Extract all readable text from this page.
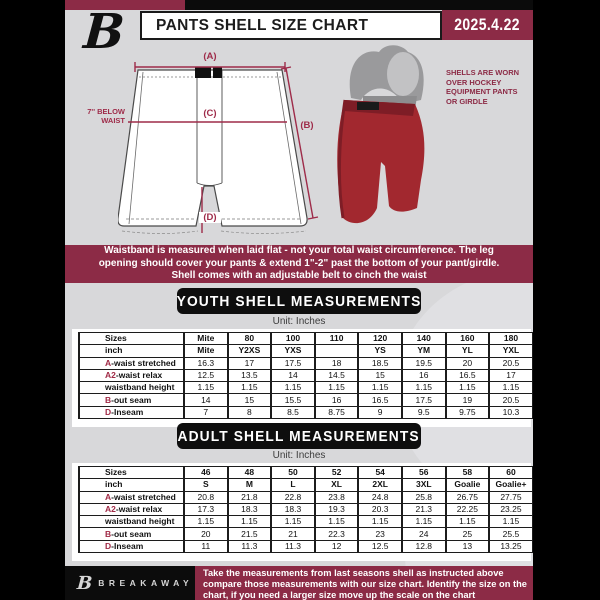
B	PANTS SHELL SIZE CHART	2025.4.22
(A)
(C)
(B)
(D)
7'' BELOW WAIST
SHELLS ARE WORN OVER HOCKEY EQUIPMENT PANTS OR GIRDLE
Waistband is measured when laid flat - not your total waist circumference. The leg opening should cover your pants & extend 1"-2" past the bottom of your pant/girdle. Shell comes with an adjustable belt to cinch the waist
YOUTH SHELL MEASUREMENTS
Unit: Inches
Sizes	Mite	80	100	110	120	140	160	180
inch	Mite	Y2XS	YXS		YS	YM	YL	YXL
A-waist stretched	16.3	17	17.5	18	18.5	19.5	20	20.5
A2-waist relax	12.5	13.5	14	14.5	15	16	16.5	17
waistband height	1.15	1.15	1.15	1.15	1.15	1.15	1.15	1.15
B-out seam	14	15	15.5	16	16.5	17.5	19	20.5
D-Inseam	7	8	8.5	8.75	9	9.5	9.75	10.3
ADULT SHELL MEASUREMENTS
Unit: Inches
Sizes	46	48	50	52	54	56	58	60
inch	S	M	L	XL	2XL	3XL	Goalie	Goalie+
A-waist stretched	20.8	21.8	22.8	23.8	24.8	25.8	26.75	27.75
A2-waist relax	17.3	18.3	18.3	19.3	20.3	21.3	22.25	23.25
waistband height	1.15	1.15	1.15	1.15	1.15	1.15	1.15	1.15
B-out seam	20	21.5	21	22.3	23	24	25	25.5
D-Inseam	11	11.3	11.3	12	12.5	12.8	13	13.25
B BREAKAWAY
Take the measurements from last seasons shell as instructed above compare those measurements with our size chart. Identify the size on the chart, if you need a larger size move up the scale on the chart
